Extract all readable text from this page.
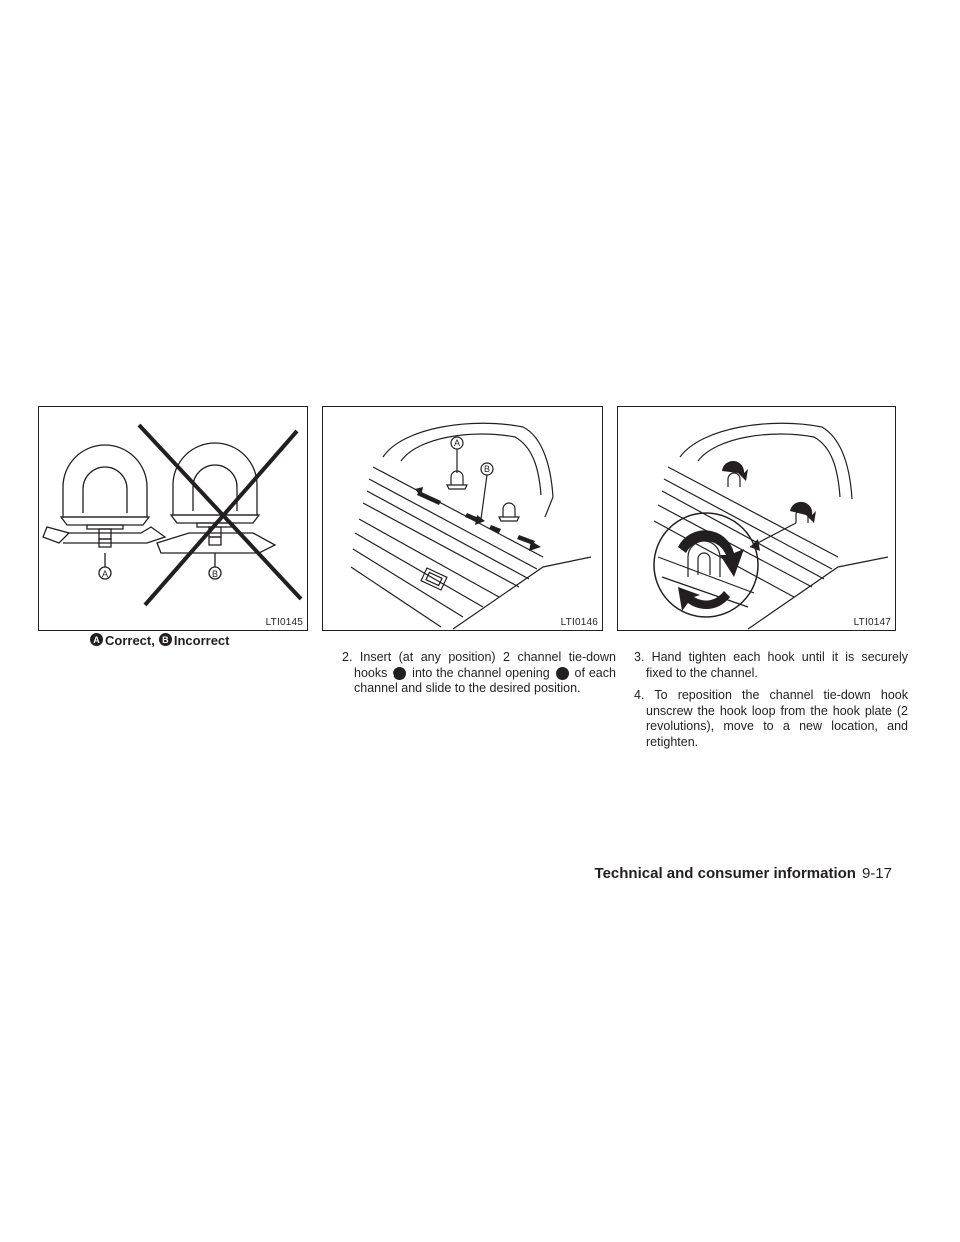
A	B
LTI0145
A
B
LTI0146	LTI0147
A Correct, B Incorrect

2. Insert (at any position) 2 channel tie-down hooks A into the channel opening B of each channel and slide to the desired position.

3. Hand tighten each hook until it is securely fixed to the channel.

4. To reposition the channel tie-down hook unscrew the hook loop from the hook plate (2 revolutions), move to a new location, and retighten.

Technical and consumer information 9-17
